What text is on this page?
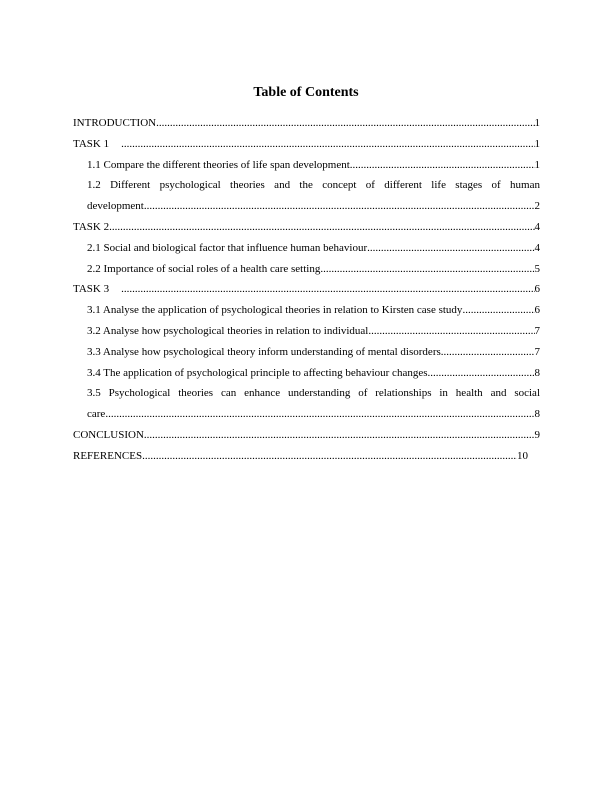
Table of Contents
INTRODUCTION .....	1
TASK 1 .....	1
1.1 Compare the different theories of life span development .....	1
1.2 Different psychological theories and the concept of different life stages of human
development .....	2
TASK 2 .....	4
2.1 Social and biological factor that influence human behaviour .....	4
2.2 Importance of social roles of a health care setting .....	5
TASK 3 .....	6
3.1 Analyse the application of psychological theories in relation to Kirsten case study .....	6
3.2 Analyse how psychological theories in relation to individual .....	7
3.3 Analyse how psychological theory inform understanding of mental disorders .....	7
3.4 The application of psychological principle to affecting behaviour changes .....	8
3.5 Psychological theories can enhance understanding of relationships in health and social
care .....	8
CONCLUSION .....	9
REFERENCES .....	10
